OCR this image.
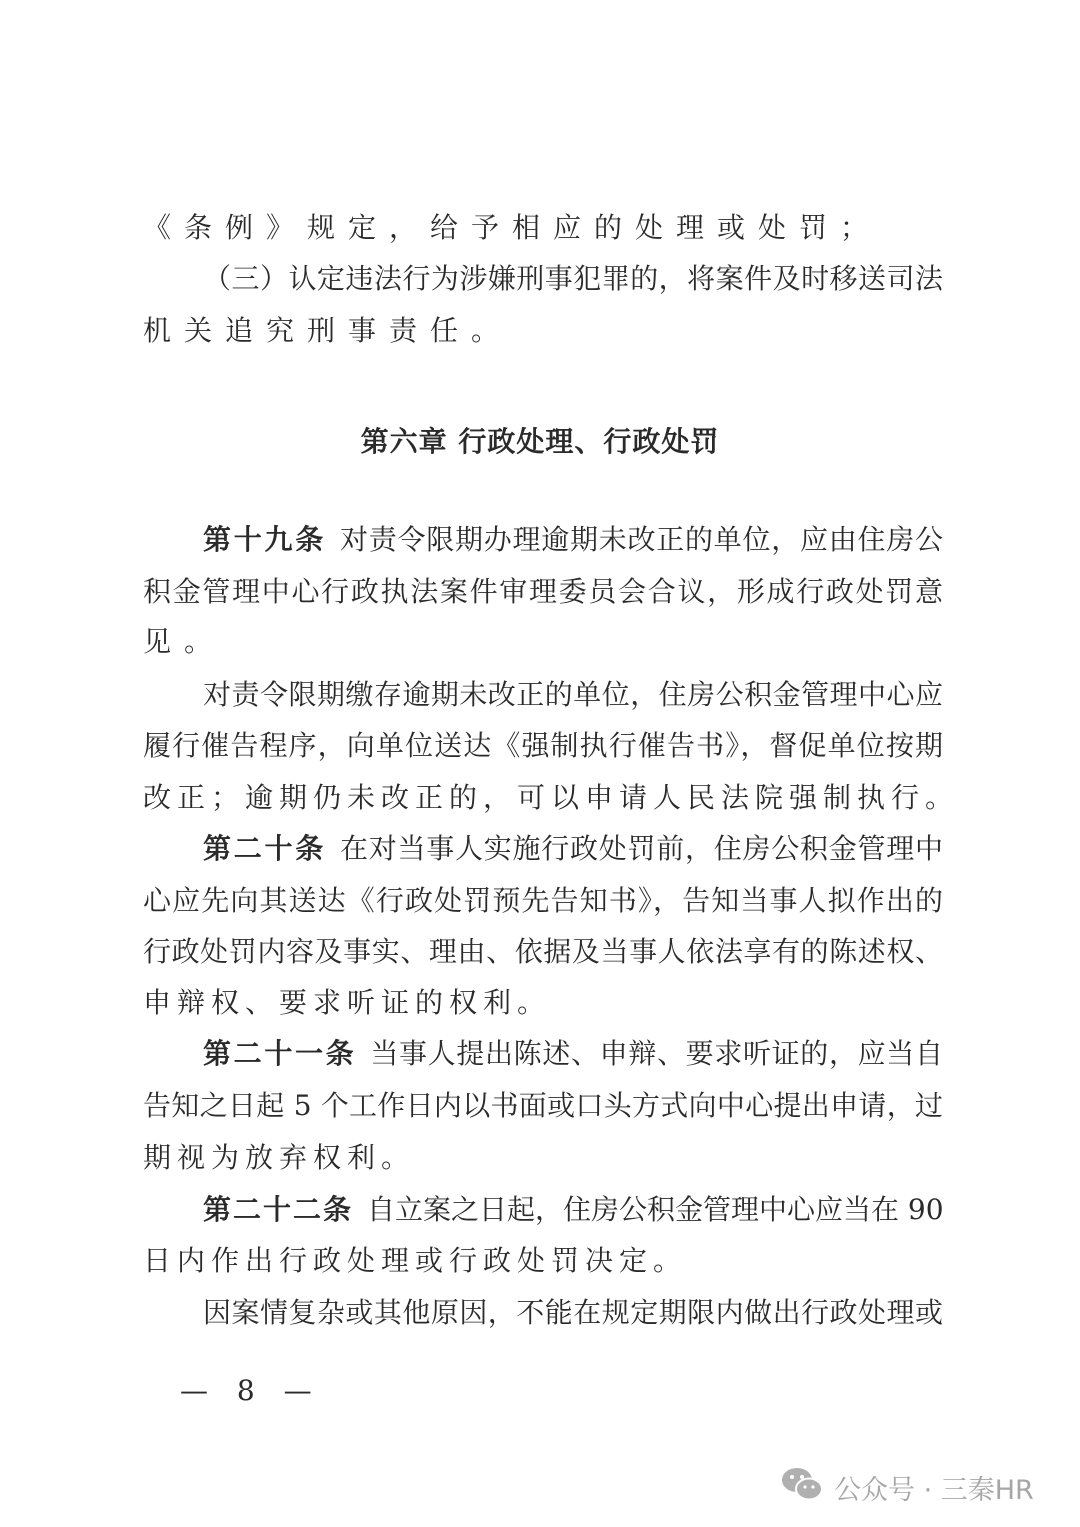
《条例》规定，给予相应的处理或处罚；
（三）认定违法行为涉嫌刑事犯罪的，将案件及时移送司法
机关追究刑事责任。
第六章 行政处理、行政处罚
第十九条 对责令限期办理逾期未改正的单位，应由住房公
积金管理中心行政执法案件审理委员会合议，形成行政处罚意
见。
对责令限期缴存逾期未改正的单位，住房公积金管理中心应
履行催告程序，向单位送达《强制执行催告书》，督促单位按期
改正；逾期仍未改正的，可以申请人民法院强制执行。
第二十条 在对当事人实施行政处罚前，住房公积金管理中
心应先向其送达《行政处罚预先告知书》，告知当事人拟作出的
行政处罚内容及事实、理由、依据及当事人依法享有的陈述权、
申辩权、要求听证的权利。
第二十一条 当事人提出陈述、申辩、要求听证的，应当自
告知之日起 5 个工作日内以书面或口头方式向中心提出申请，过
期视为放弃权利。
第二十二条 自立案之日起，住房公积金管理中心应当在 90
日内作出行政处理或行政处罚决定。
因案情复杂或其他原因，不能在规定期限内做出行政处理或
— 8 —
公众号 · 三秦HR
